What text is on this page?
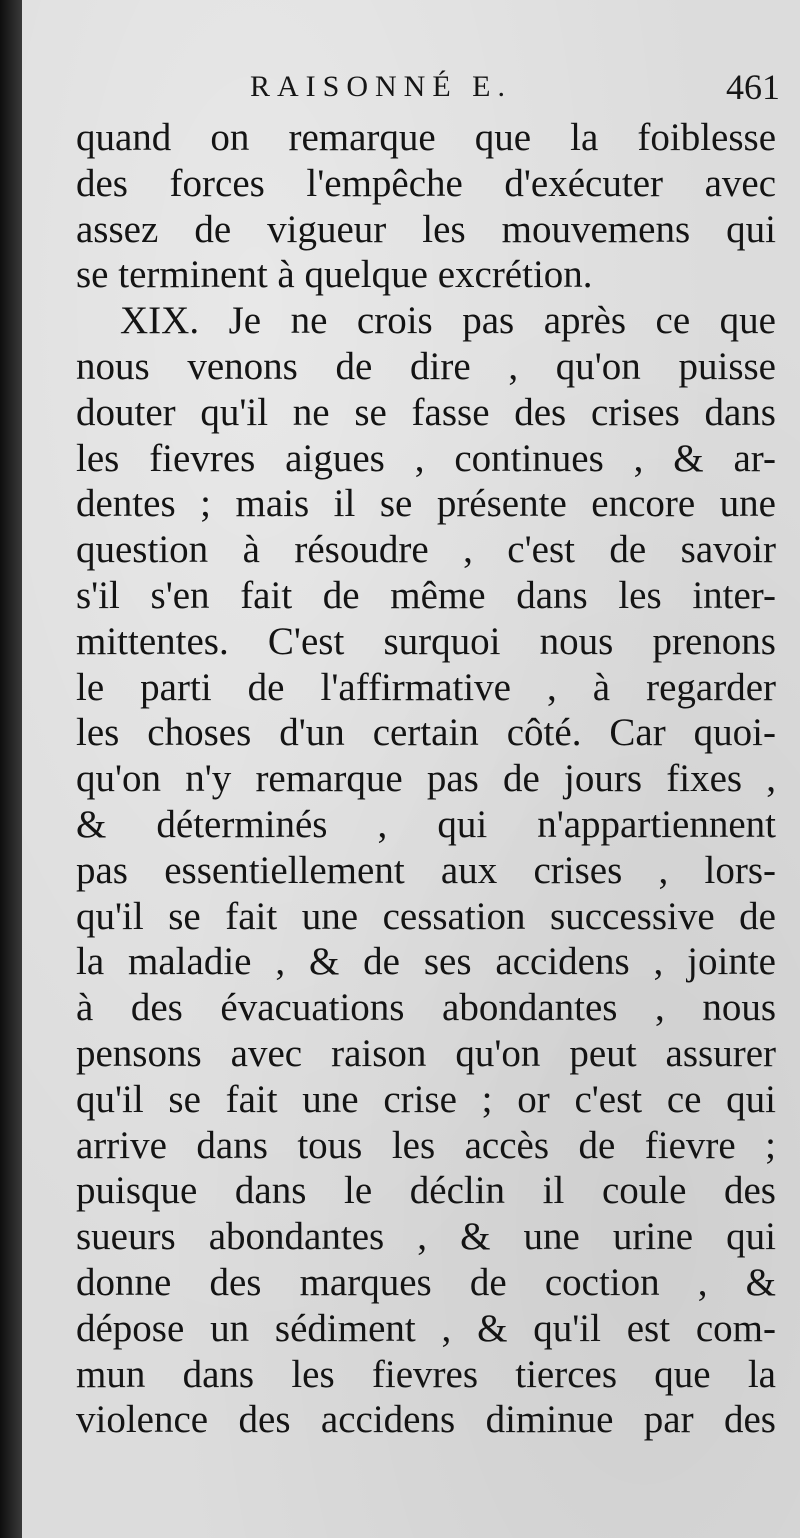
RAISONNÉ E.	461
quand on remarque que la foiblesse
des forces l'empêche d'exécuter avec
assez de vigueur les mouvemens qui
se terminent à quelque excrétion.
XIX. Je ne crois pas après ce que
nous venons de dire , qu'on puisse
douter qu'il ne se fasse des crises dans
les fievres aigues , continues , & ar-
dentes ; mais il se présente encore une
question à résoudre , c'est de savoir
s'il s'en fait de même dans les inter-
mittentes. C'est surquoi nous prenons
le parti de l'affirmative , à regarder
les choses d'un certain côté. Car quoi-
qu'on n'y remarque pas de jours fixes ,
& déterminés , qui n'appartiennent
pas essentiellement aux crises , lors-
qu'il se fait une cessation successive de
la maladie , & de ses accidens , jointe
à des évacuations abondantes , nous
pensons avec raison qu'on peut assurer
qu'il se fait une crise ; or c'est ce qui
arrive dans tous les accès de fievre ;
puisque dans le déclin il coule des
sueurs abondantes , & une urine qui
donne des marques de coction , &
dépose un sédiment , & qu'il est com-
mun dans les fievres tierces que la
violence des accidens diminue par des
